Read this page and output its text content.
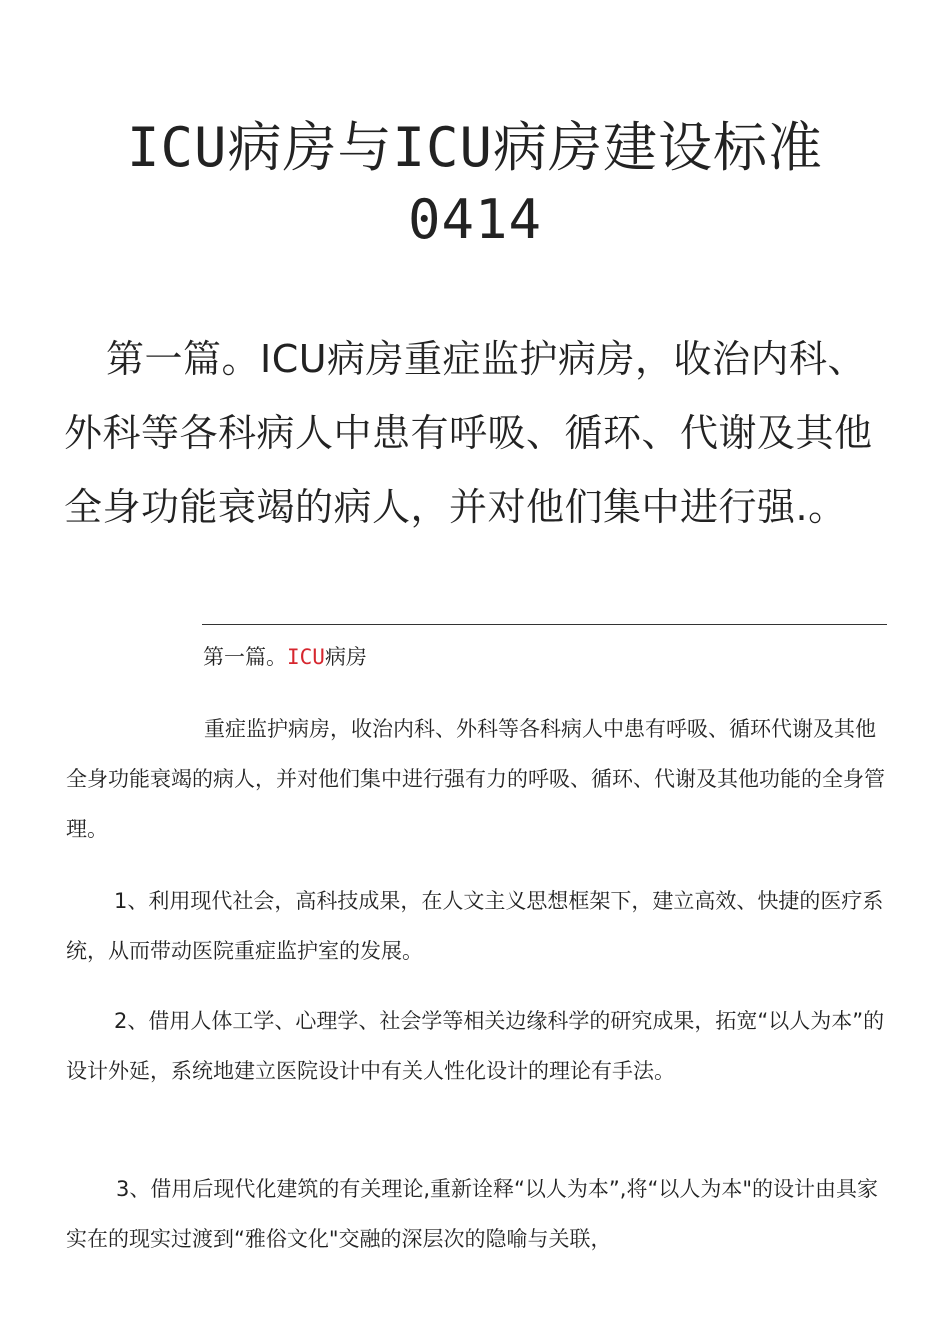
ICU病房与ICU病房建设标准
0414
第一篇。ICU病房重症监护病房，收治内科、外科等各科病人中患有呼吸、循环、代谢及其他全身功能衰竭的病人，并对他们集中进行强.。
第一篇。ICU病房
重症监护病房，收治内科、外科等各科病人中患有呼吸、循环代谢及其他全身功能衰竭的病人，并对他们集中进行强有力的呼吸、循环、代谢及其他功能的全身管理。
1、利用现代社会，高科技成果，在人文主义思想框架下，建立高效、快捷的医疗系统，从而带动医院重症监护室的发展。
2、借用人体工学、心理学、社会学等相关边缘科学的研究成果，拓宽“以人为本”的设计外延，系统地建立医院设计中有关人性化设计的理论有手法。
3、借用后现代化建筑的有关理论,重新诠释“以人为本”,将“以人为本"的设计由具家实在的现实过渡到“雅俗文化"交融的深层次的隐喻与关联，
